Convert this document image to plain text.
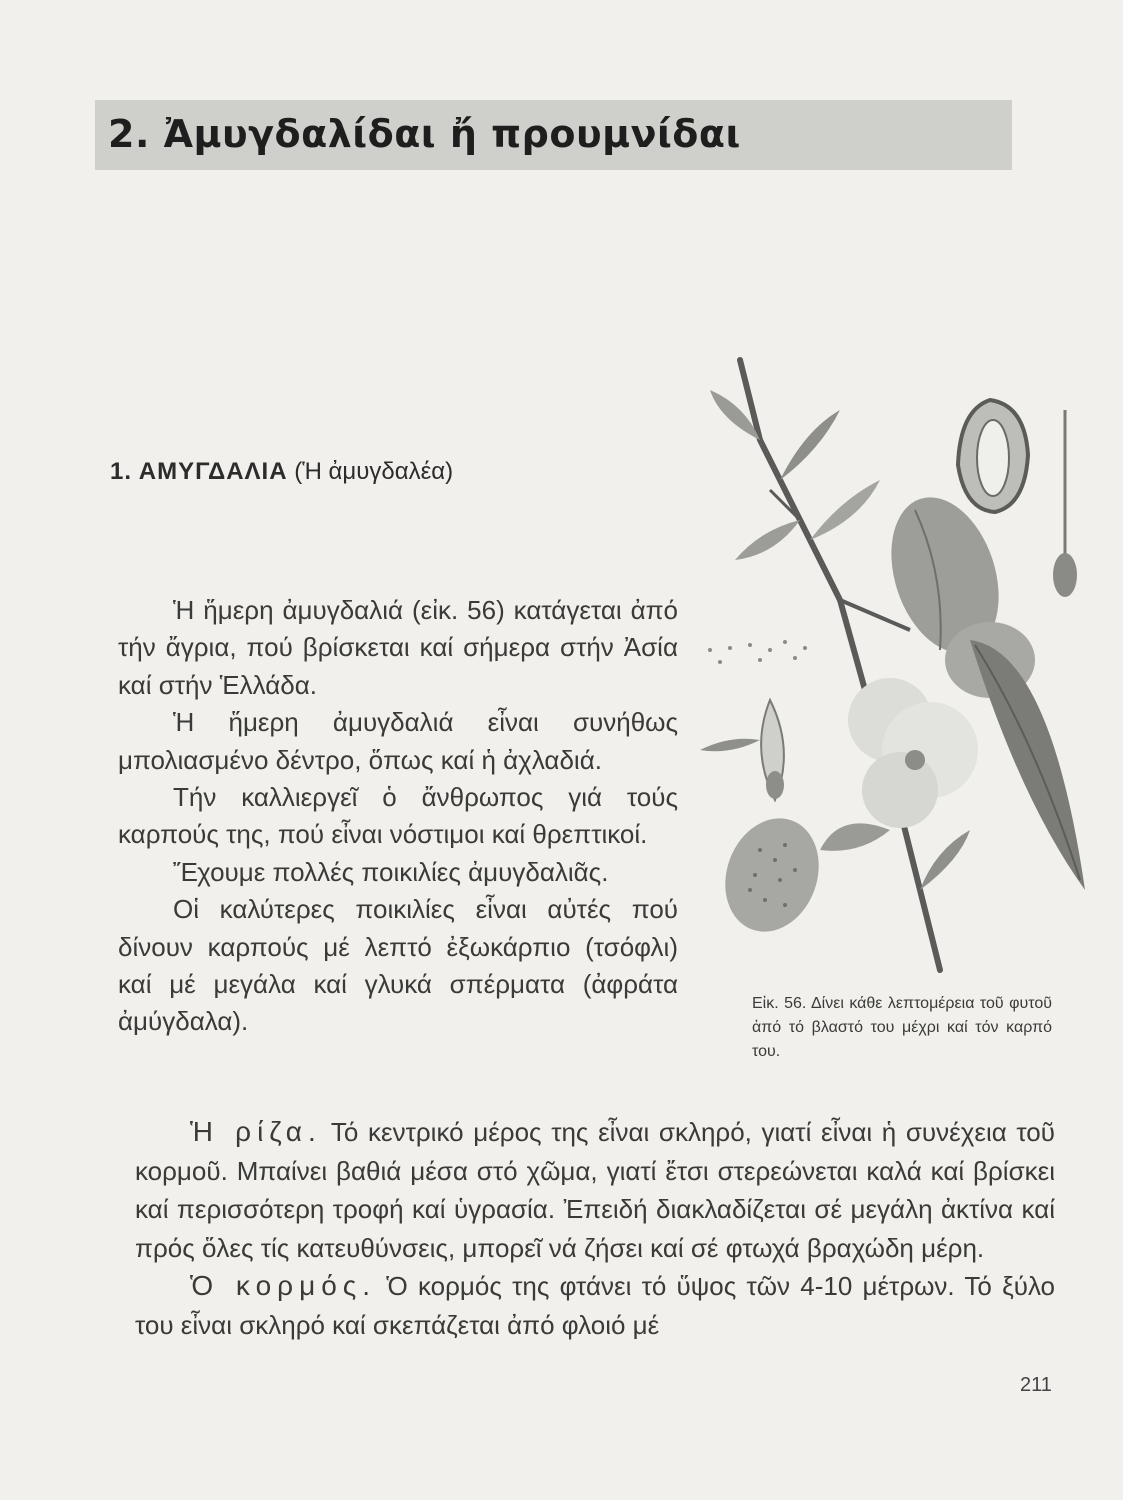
2. Ἀμυγδαλίδαι ἤ προυμνίδαι
1. ΑΜΥΓΔΑΛΙΑ (Ἡ ἀμυγδαλέα)

Ἡ ἥμερη ἀμυγδαλιά (εἰκ. 56) κατάγεται ἀπό τήν ἄγρια, πού βρίσκεται καί σήμερα στήν Ἀσία καί στήν Ἑλλάδα.

Ἡ ἥμερη ἀμυγδαλιά εἶναι συνήθως μπολιασμένο δέντρο, ὅπως καί ἡ ἀχλαδιά.

Τήν καλλιεργεῖ ὁ ἄνθρωπος γιά τούς καρπούς της, πού εἶναι νόστιμοι καί θρεπτικοί.

Ἔχουμε πολλές ποικιλίες ἀμυγδαλιᾶς.

Οἱ καλύτερες ποικιλίες εἶναι αὐτές πού δίνουν καρπούς μέ λεπτό ἐξωκάρπιο (τσόφλι) καί μέ μεγάλα καί γλυκά σπέρματα (ἀφράτα ἀμύγδαλα).

Εἰκ. 56. Δίνει κάθε λεπτομέρεια τοῦ φυτοῦ ἀπό τό βλαστό του μέχρι καί τόν καρπό του.

Ἡ ρίζα. Τό κεντρικό μέρος της εἶναι σκληρό, γιατί εἶναι ἡ συνέχεια τοῦ κορμοῦ. Μπαίνει βαθιά μέσα στό χῶμα, γιατί ἔτσι στερεώνεται καλά καί βρίσκει καί περισσότερη τροφή καί ὑγρασία. Ἐπειδή διακλαδίζεται σέ μεγάλη ἀκτίνα καί πρός ὅλες τίς κατευθύνσεις, μπορεῖ νά ζήσει καί σέ φτωχά βραχώδη μέρη.

Ὁ κορμός. Ὁ κορμός της φτάνει τό ὕψος τῶν 4-10 μέτρων. Τό ξύλο του εἶναι σκληρό καί σκεπάζεται ἀπό φλοιό μέ

211
